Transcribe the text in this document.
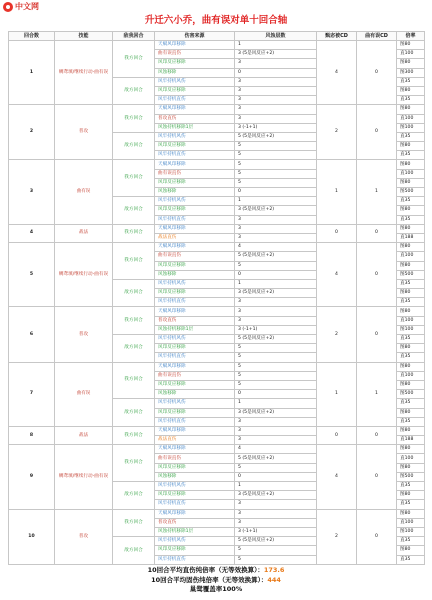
中文网
升迁六小乔，曲有误对单十回合轴
回合数	技能	敌我回合	伤害来源	风蚀层数	甄宓被CD	曲有误CD	倍率
1	鲷鸢填/继续行动-曲有误	我方回合	天赋风印移除	1	4	0	图80
			曲有误直伤	3 (5是风反应+2)			直100
			风印反应移除	3			图80
			风蚀移除	0			图300
		敌方回合	风牢持机风伤	3			直35
			风印反应移除	3			图80
			风牢持机直伤	3			直35
2	普攻	我方回合	天赋风印移除	3	2	0	图80
			普攻直伤	3			直100
			风蚀持机移除1层	3 (-1+1)			图100
		敌方回合	风牢持机风伤	5 (5是风反应+2)			直35
			风印反应移除	5			图80
			风牢持机直伤	5			直35
3	曲有误	我方回合	天赋风印移除	5	1	1	图80
			曲有误直伤	5			直100
			风印反应移除	5			图80
			风蚀移除	0			图500
		敌方回合	风牢持机风伤	1			直35
			风印反应移除	3 (5是风反应+2)			图80
			风牢持机直伤	3			直35
4	战法	我方回合	天赋风印移除	3	0	0	图80
			战法直伤	3			直188
5	鲷鸢填/继续行动-曲有误	我方回合	天赋风印移除	4	4	0	图80
			曲有误直伤	5 (5是风反应+2)			直100
			风印反应移除	5			图80
			风蚀移除	0			图500
		敌方回合	风牢持机风伤	1			直35
			风印反应移除	3 (5是风反应+2)			图80
			风牢持机直伤	3			直35
6	普攻	我方回合	天赋风印移除	3	2	0	图80
			普攻直伤	3			直100
			风蚀持机移除1层	3 (-1+1)			图100
		敌方回合	风牢持机风伤	5 (5是风反应+2)			直35
			风印反应移除	5			图80
			风牢持机直伤	5			直35
7	曲有误	我方回合	天赋风印移除	5	1	1	图80
			曲有误直伤	5			直100
			风印反应移除	5			图80
			风蚀移除	0			图500
		敌方回合	风牢持机风伤	1			直35
			风印反应移除	3 (5是风反应+2)			图80
			风牢持机直伤	3			直35
8	战法	我方回合	天赋风印移除	3	0	0	图80
			战法直伤	3			直188
9	鲷鸢填/继续行动-曲有误	我方回合	天赋风印移除	4	4	0	图80
			曲有误直伤	5 (5是风反应+2)			直100
			风印反应移除	5			图80
			风蚀移除	0			图500
		敌方回合	风牢持机风伤	1			直35
			风印反应移除	3 (5是风反应+2)			图80
			风牢持机直伤	3			直35
10	普攻	我方回合	天赋风印移除	3	2	0	图80
			普攻直伤	3			直100
			风蚀持机移除1层	3 (-1+1)			图100
		敌方回合	风牢持机风伤	5 (5是风反应+2)			直35
			风印反应移除	5			图80
			风牢持机直伤	5			直35
10回合平均直伤纯倍率（无等效换算）：173.6
10回合平均固伤纯倍率（无等效换算）：444
巢鸳覆盖率100%
